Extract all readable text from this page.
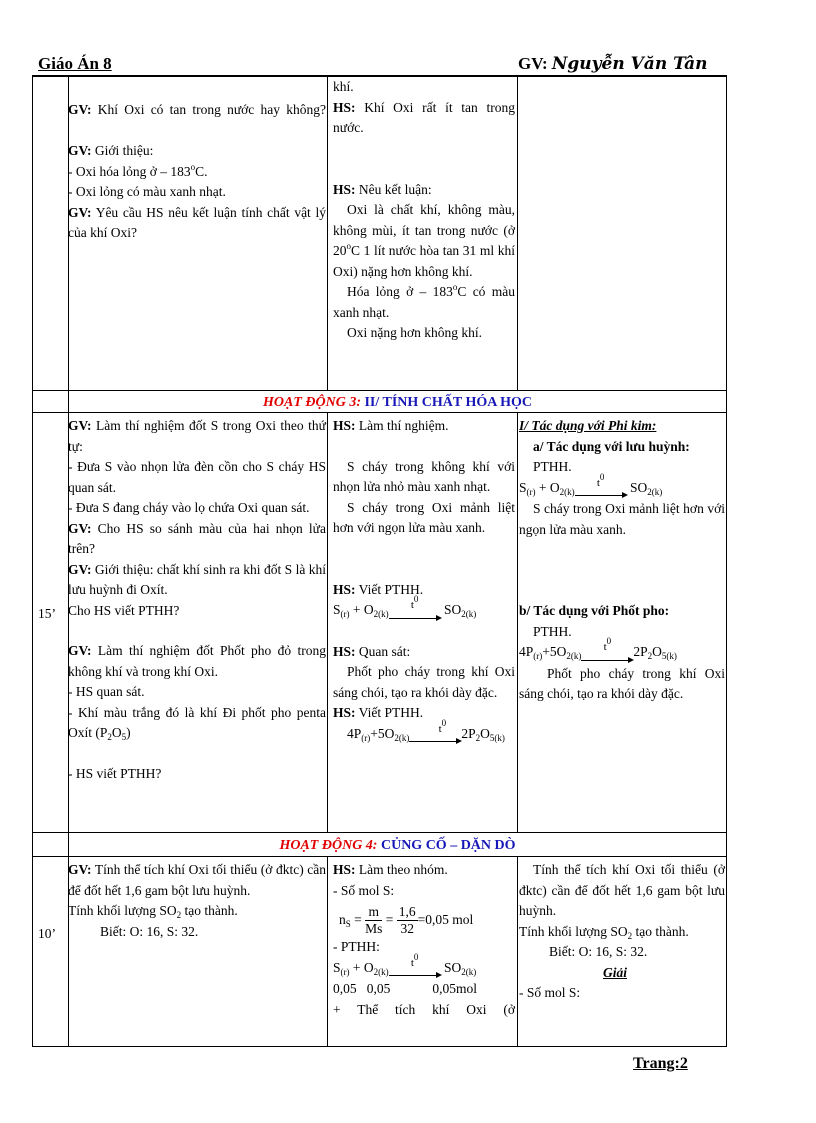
Giáo Án 8	GV: Nguyễn Văn Tân

GV: Khí Oxi có tan trong nước hay không?

GV: Giới thiệu:

- Oxi hóa lỏng ở – 183$^o$C.

- Oxi lỏng có màu xanh nhạt.

GV: Yêu cầu HS nêu kết luận tính chất vật lý của khí Oxi?

khí.

HS: Khí Oxi rất ít tan trong nước.

HS: Nêu kết luận:

Oxi là chất khí, không màu, không mùi, ít tan trong nước (ở 20$^o$C 1 lít nước hòa tan 31 ml khí Oxi) nặng hơn không khí.

Hóa lỏng ở – 183$^o$C có màu xanh nhạt.

Oxi nặng hơn không khí.

HOẠT ĐỘNG 3: II/ TÍNH CHẤT HÓA HỌC
15’

GV: Làm thí nghiệm đốt S trong Oxi theo thứ tự:

- Đưa S vào nhọn lửa đèn cồn cho S cháy HS quan sát.

- Đưa S đang cháy vào lọ chứa Oxi quan sát.

GV: Cho HS so sánh màu của hai nhọn lửa trên?

GV: Giới thiệu: chất khí sinh ra khi đốt S là khí lưu huỳnh đi Oxít.

Cho HS viết PTHH?

GV: Làm thí nghiệm đốt Phốt pho đỏ trong không khí và trong khí Oxi.

- HS quan sát.

- Khí màu trắng đó là khí Đi phốt pho penta Oxít $(P_2O_5)$

- HS viết PTHH?

HS: Làm thí nghiệm.

S cháy trong không khí với nhọn lửa nhỏ màu xanh nhạt.

S cháy trong Oxi mảnh liệt hơn với ngọn lửa màu xanh.

HS: Viết PTHH.

$S_{(r)} + O_{2(k)}^{t^0}$
$SO_{2(k)}$

HS: Quan sát:

Phốt pho cháy trong khí Oxi sáng chói, tạo ra khói dày đặc.

HS: Viết PTHH.

$4P_{(r)}+5O_{2(k)}^{t^0}$
$2P_2O_{5(k)}$

I/ Tác dụng với Phi kim:

a/ Tác dụng với lưu huỳnh:

PTHH.

$S_{(r)} + O_{2(k)}^{t^0}$
$SO_{2(k)}$

S cháy trong Oxi mảnh liệt hơn với ngọn lửa màu xanh.

b/ Tác dụng với Phốt pho:

PTHH.

$4P_{(r)}+5O_{2(k)}^{t^0}$
$2P_2O_{5(k)}$

Phốt pho cháy trong khí Oxi sáng chói, tạo ra khói dày đặc.

HOẠT ĐỘNG 4: CỦNG CỐ – DẶN DÒ
10’

GV: Tính thể tích khí Oxi tối thiểu (ở đktc) cần để đốt hết 1,6 gam bột lưu huỳnh.

Tính khối lượng $SO_2$ tạo thành.

Biết: O: 16, S: 32.

HS: Làm theo nhóm.

- Số mol S:

$n_S = \frac{m}{Ms} = \frac{1,6}{32} =0,05$ mol

- PTHH:

$S_{(r)} + O_{2(k)}^{t^0}$
$SO_{2(k)}$

0,05 0,05	0,05mol

+ Thể tích khí Oxi (ở

Tính thể tích khí Oxi tối thiểu (ở đktc) cần để đốt hết 1,6 gam bột lưu huỳnh.

Tính khối lượng $SO_2$ tạo thành.

Biết: O: 16, S: 32.

Giải

- Số mol S:

Trang:2
